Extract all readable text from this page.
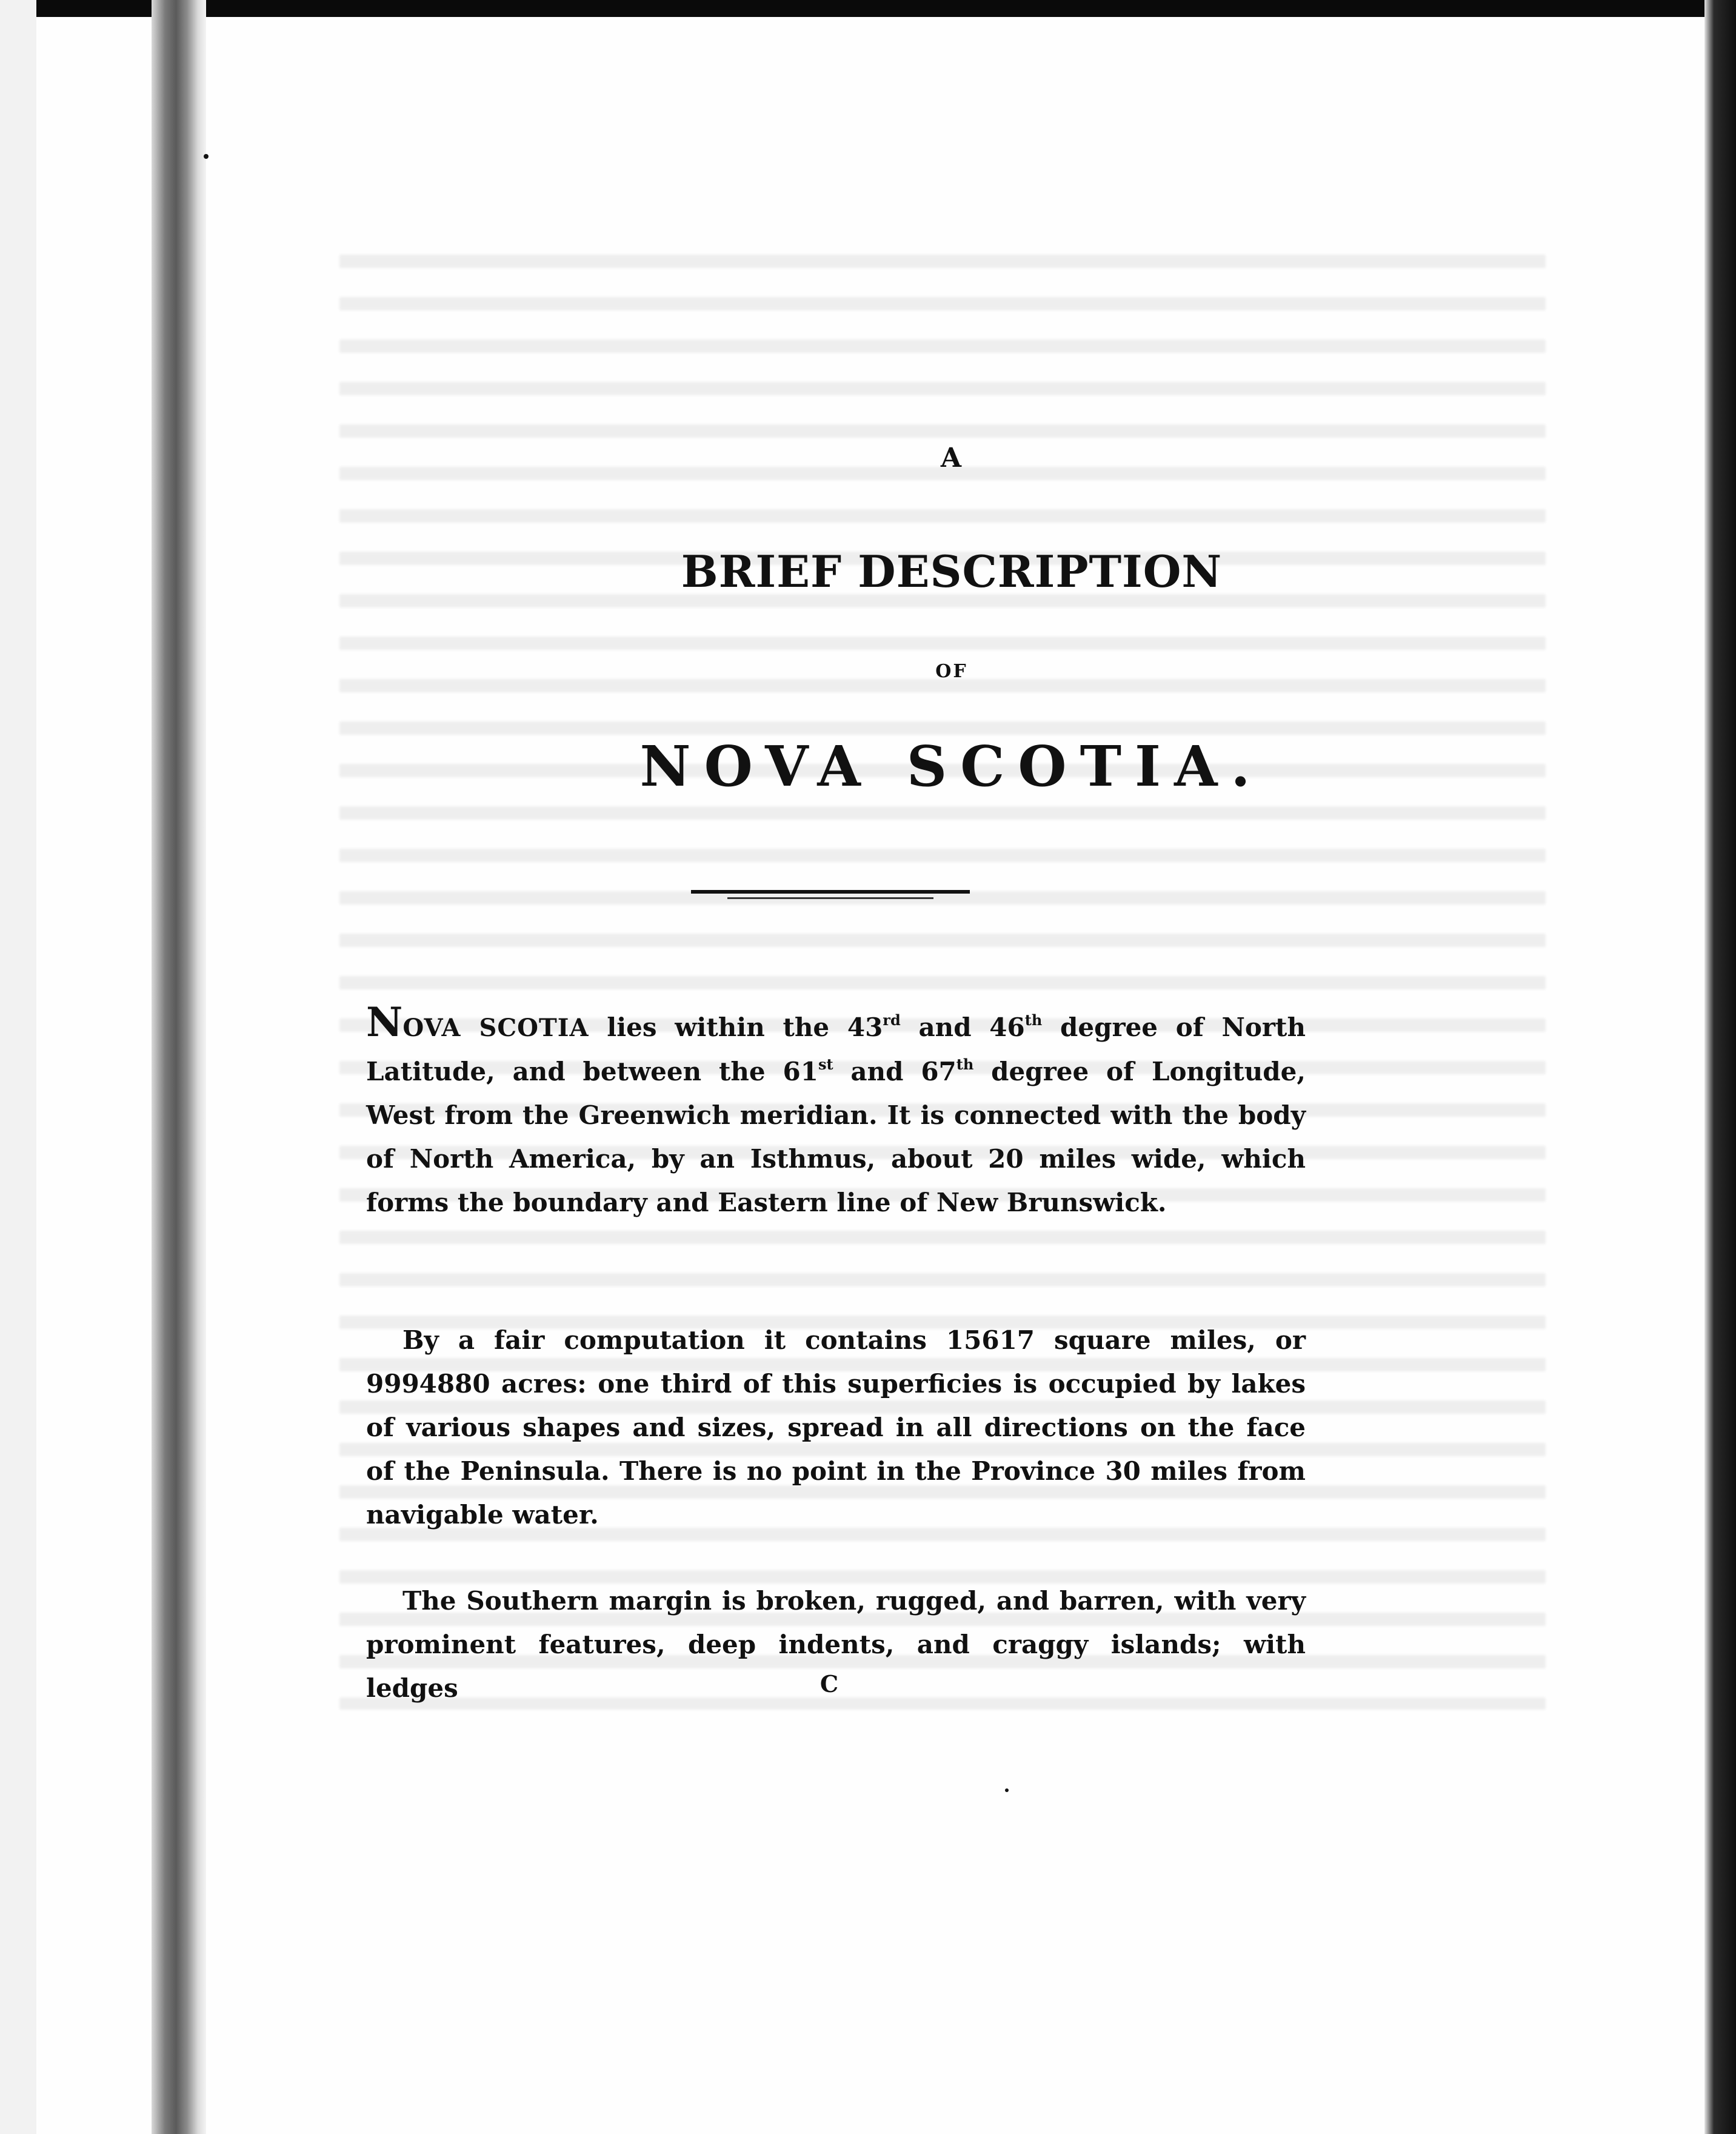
A
BRIEF DESCRIPTION
OF
NOVA SCOTIA.
NOVA SCOTIA lies within the 43rd and 46th degree of North Latitude, and between the 61st and 67th degree of Longitude, West from the Greenwich meridian. It is connected with the body of North America, by an Isthmus, about 20 miles wide, which forms the boundary and Eastern line of New Brunswick.
By a fair computation it contains 15617 square miles, or 9994880 acres: one third of this superficies is occupied by lakes of various shapes and sizes, spread in all directions on the face of the Peninsula. There is no point in the Province 30 miles from navigable water.
The Southern margin is broken, rugged, and barren, with very prominent features, deep indents, and craggy islands; with ledges	C
